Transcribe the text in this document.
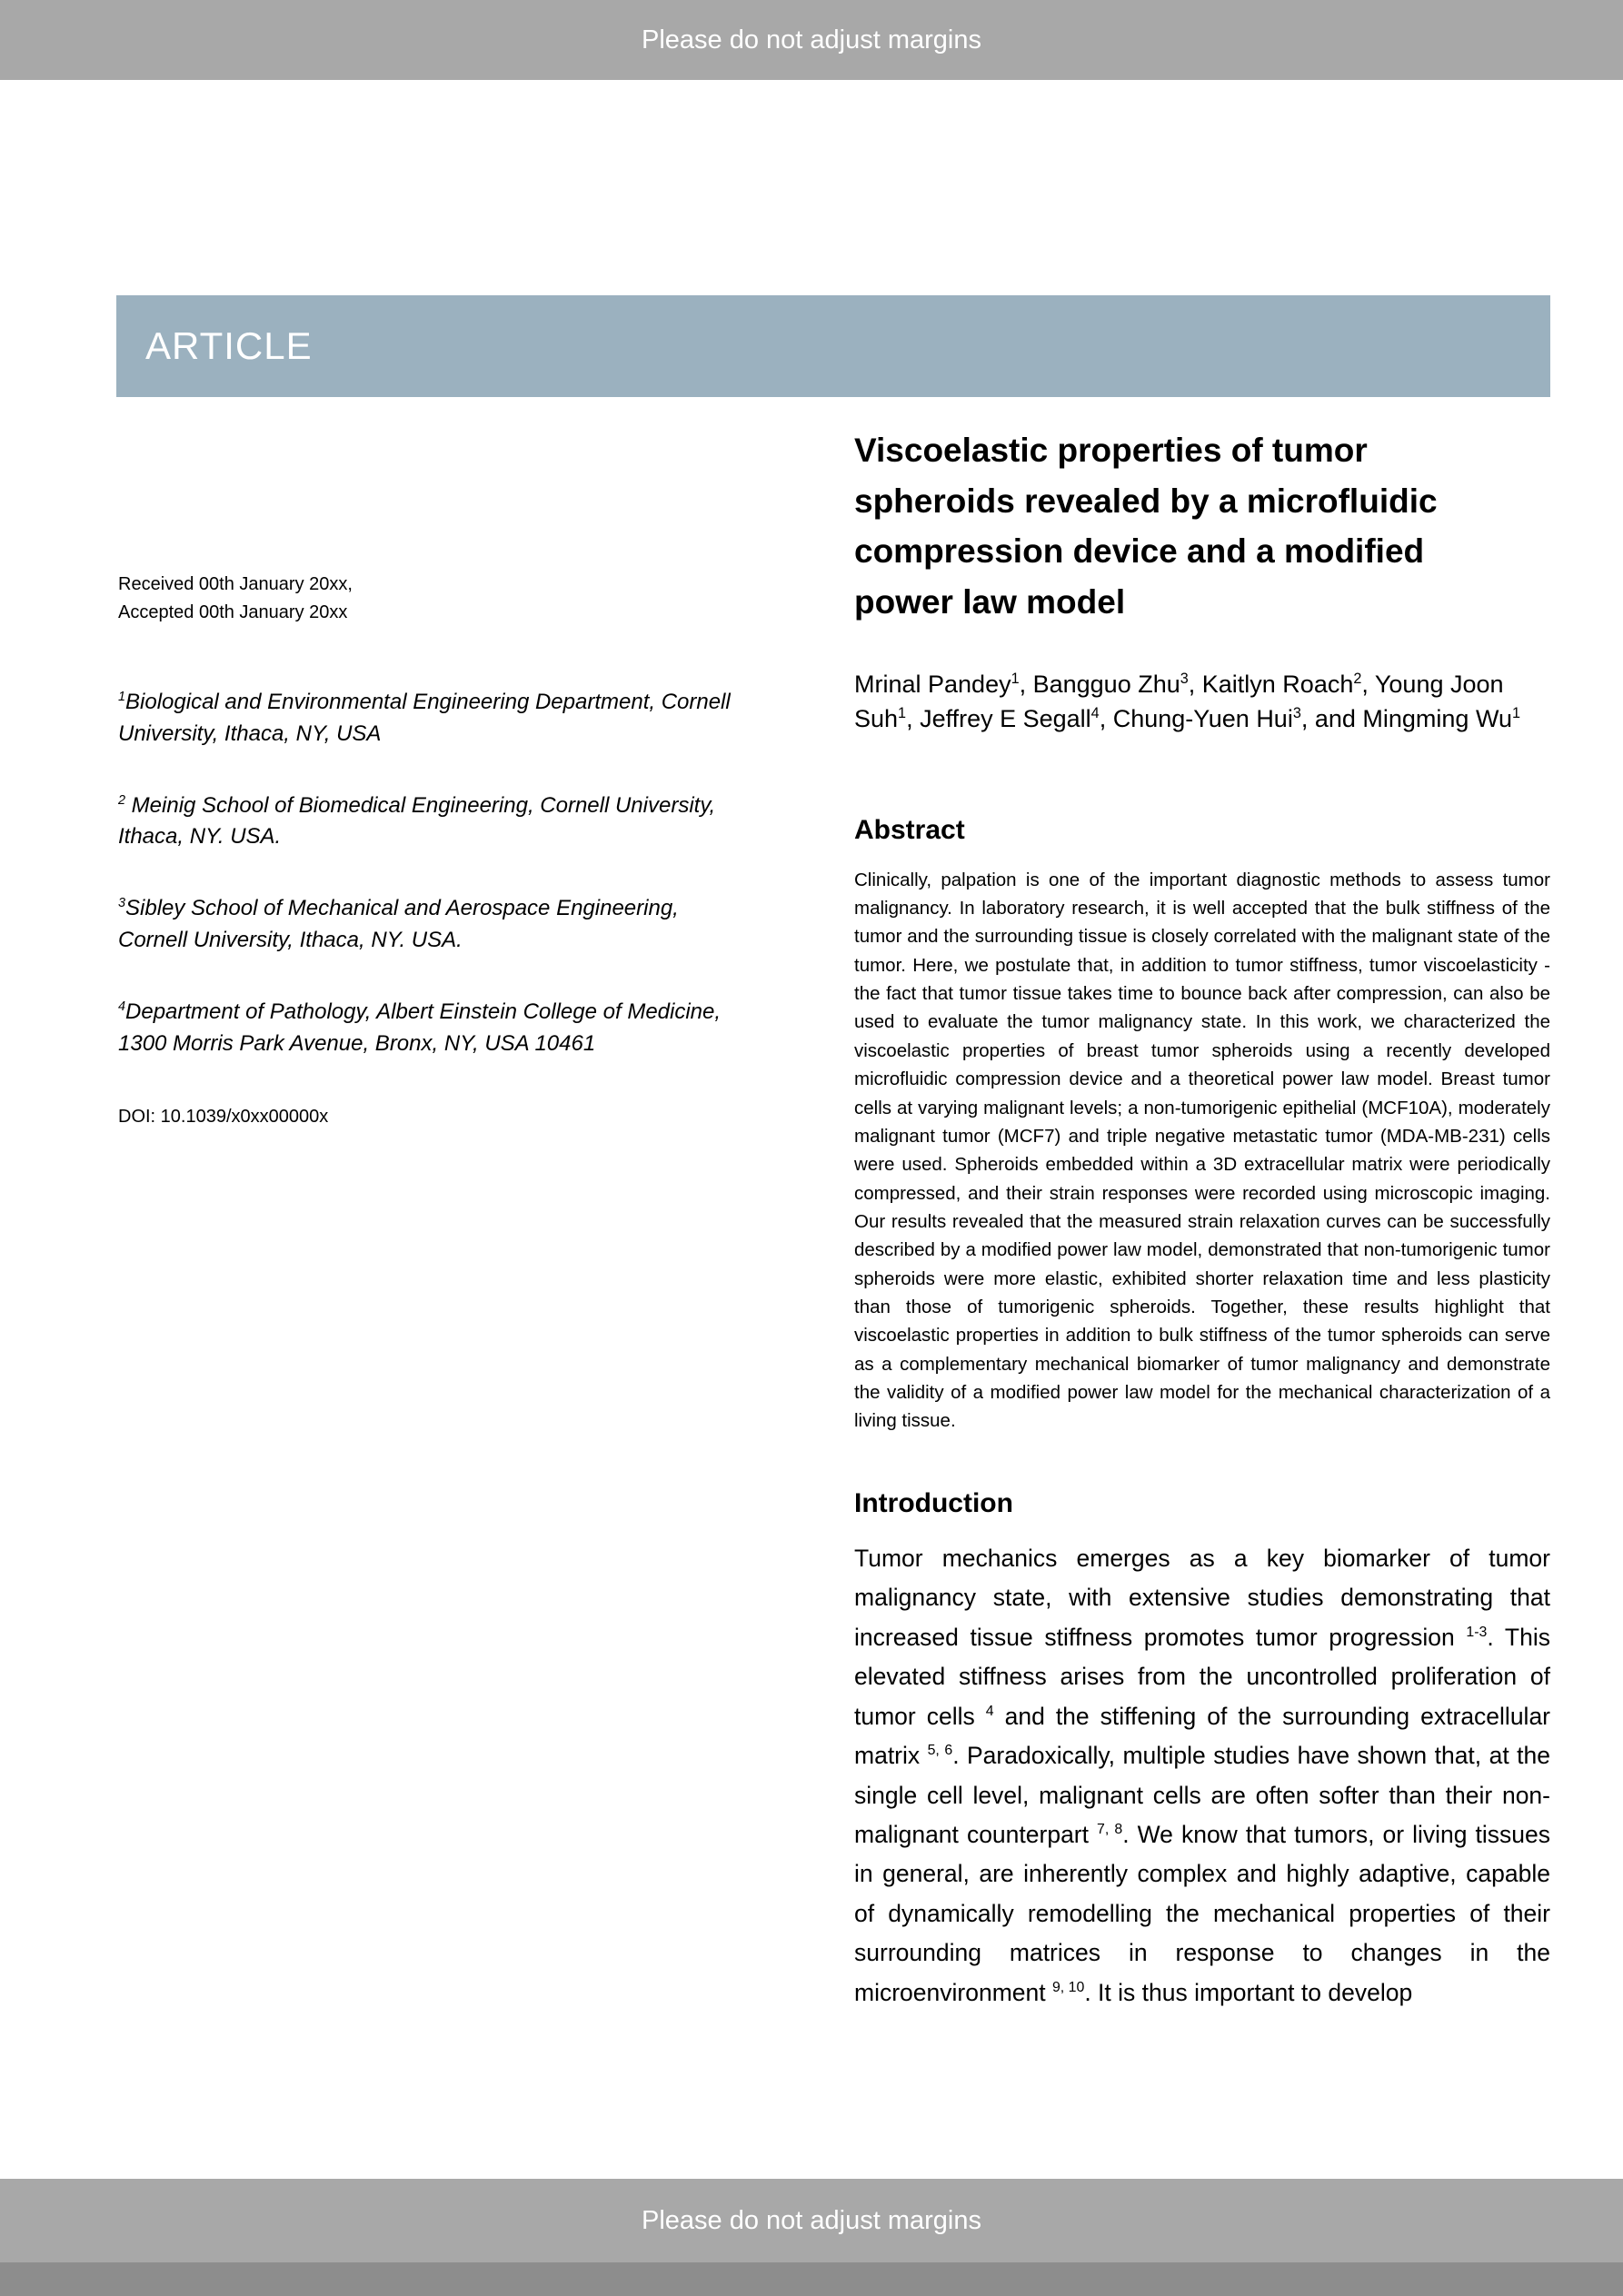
Please do not adjust margins
ARTICLE
Received 00th January 20xx,
Accepted 00th January 20xx
$^1$Biological and Environmental Engineering Department, Cornell University, Ithaca, NY, USA
$^2$ Meinig School of Biomedical Engineering, Cornell University, Ithaca, NY. USA.
$^3$Sibley School of Mechanical and Aerospace Engineering, Cornell University, Ithaca, NY. USA.
$^4$Department of Pathology, Albert Einstein College of Medicine, 1300 Morris Park Avenue, Bronx, NY, USA 10461
DOI: 10.1039/x0xx00000x
Viscoelastic properties of tumor spheroids revealed by a microfluidic compression device and a modified power law model
Mrinal Pandey$^1$, Bangguo Zhu$^3$, Kaitlyn Roach$^2$, Young Joon Suh$^1$, Jeffrey E Segall$^4$, Chung-Yuen Hui$^3$, and Mingming Wu$^1$
Abstract
Clinically, palpation is one of the important diagnostic methods to assess tumor malignancy. In laboratory research, it is well accepted that the bulk stiffness of the tumor and the surrounding tissue is closely correlated with the malignant state of the tumor. Here, we postulate that, in addition to tumor stiffness, tumor viscoelasticity - the fact that tumor tissue takes time to bounce back after compression, can also be used to evaluate the tumor malignancy state. In this work, we characterized the viscoelastic properties of breast tumor spheroids using a recently developed microfluidic compression device and a theoretical power law model. Breast tumor cells at varying malignant levels; a non-tumorigenic epithelial (MCF10A), moderately malignant tumor (MCF7) and triple negative metastatic tumor (MDA-MB-231) cells were used. Spheroids embedded within a 3D extracellular matrix were periodically compressed, and their strain responses were recorded using microscopic imaging. Our results revealed that the measured strain relaxation curves can be successfully described by a modified power law model, demonstrated that non-tumorigenic tumor spheroids were more elastic, exhibited shorter relaxation time and less plasticity than those of tumorigenic spheroids. Together, these results highlight that viscoelastic properties in addition to bulk stiffness of the tumor spheroids can serve as a complementary mechanical biomarker of tumor malignancy and demonstrate the validity of a modified power law model for the mechanical characterization of a living tissue.
Introduction
Tumor mechanics emerges as a key biomarker of tumor malignancy state, with extensive studies demonstrating that increased tissue stiffness promotes tumor progression $^{1-3}$. This elevated stiffness arises from the uncontrolled proliferation of tumor cells $^4$ and the stiffening of the surrounding extracellular matrix $^{5, 6}$. Paradoxically, multiple studies have shown that, at the single cell level, malignant cells are often softer than their non-malignant counterpart $^{7, 8}$. We know that tumors, or living tissues in general, are inherently complex and highly adaptive, capable of dynamically remodelling the mechanical properties of their surrounding matrices in response to changes in the microenvironment $^{9, 10}$. It is thus important to develop
Please do not adjust margins
